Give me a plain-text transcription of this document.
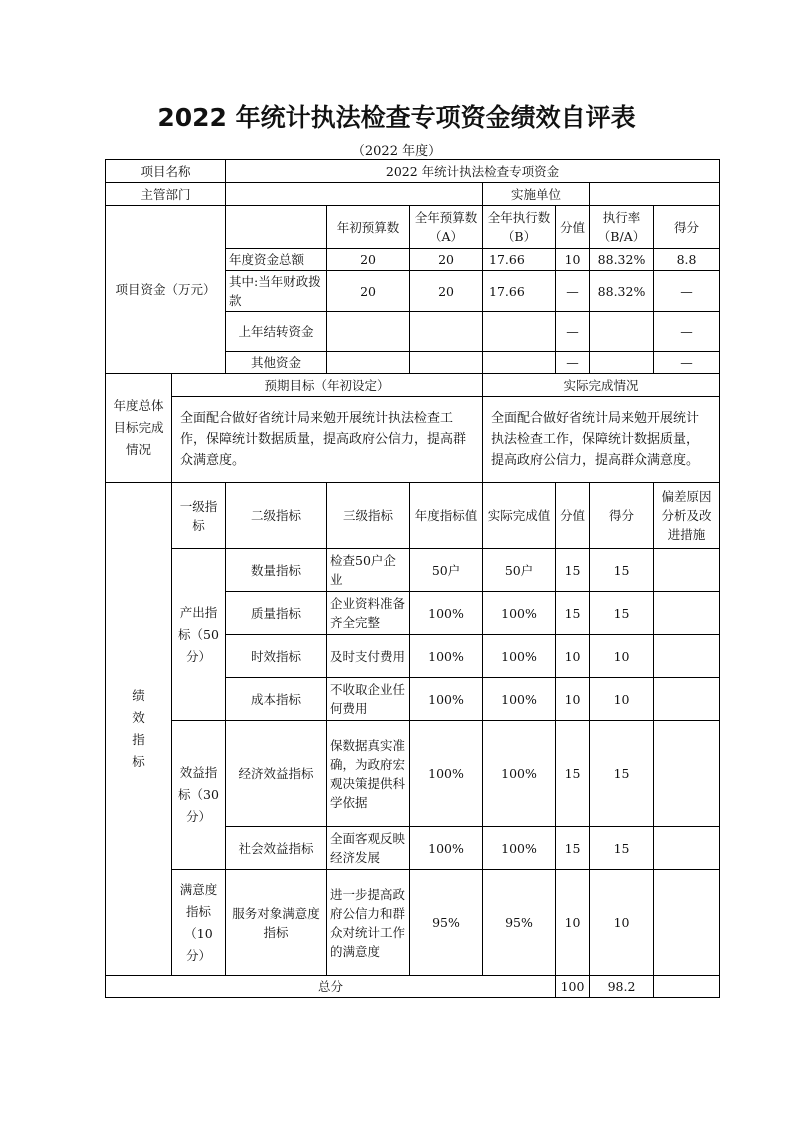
2022 年统计执法检查专项资金绩效自评表
（2022 年度）
项目名称		2022 年统计执法检查专项资金						
主管部门					实施单位			
项目资金（万元）			年初预算数	全年预算数（A）	全年执行数（B）	分值	执行率（B/A）	得分
		年度资金总额	20	20	17.66	10	88.32%	8.8
		其中:当年财政拨款	20	20	17.66	—	88.32%	—
		上年结转资金				—		—
		其他资金				—		—
年度总体目标完成情况	预期目标（年初设定）				实际完成情况			
	全面配合做好省统计局来勉开展统计执法检查工作，保障统计数据质量，提高政府公信力，提高群众满意度。				全面配合做好省统计局来勉开展统计执法检查工作，保障统计数据质量，提高政府公信力，提高群众满意度。			
绩效指标	一级指标	二级指标	三级指标	年度指标值	实际完成值	分值	得分	偏差原因分析及改进措施
	产出指标（50分）	数量指标	检查50户企业	50户	50户	15	15	
		质量指标	企业资料准备齐全完整	100%	100%	15	15	
		时效指标	及时支付费用	100%	100%	10	10	
		成本指标	不收取企业任何费用	100%	100%	10	10	
	效益指标（30分）	经济效益指标	保数据真实准确，为政府宏观决策提供科学依据	100%	100%	15	15	
		社会效益指标	全面客观反映经济发展	100%	100%	15	15	
	满意度指标（10分）	服务对象满意度指标	进一步提高政府公信力和群众对统计工作的满意度	95%	95%	10	10	
总分						100	98.2	
